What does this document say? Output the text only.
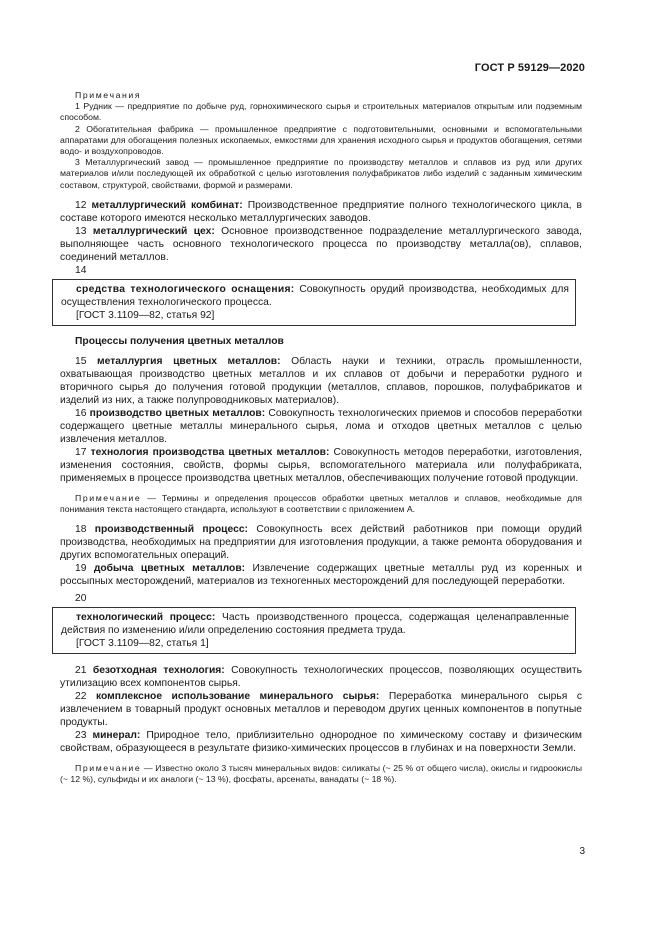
ГОСТ Р 59129—2020

Примечания

1 Рудник — предприятие по добыче руд, горнохимического сырья и строительных материалов открытым или подземным способом.

2 Обогатительная фабрика — промышленное предприятие с подготовительными, основными и вспомогательными аппаратами для обогащения полезных ископаемых, емкостями для хранения исходного сырья и продуктов обогащения, сетями водо- и воздухопроводов.

3 Металлургический завод — промышленное предприятие по производству металлов и сплавов из руд или других материалов и/или последующей их обработкой с целью изготовления полуфабрикатов либо изделий с заданным химическим составом, структурой, свойствами, формой и размерами.

12 металлургический комбинат: Производственное предприятие полного технологического цикла, в составе которого имеются несколько металлургических заводов.

13 металлургический цех: Основное производственное подразделение металлургического завода, выполняющее часть основного технологического процесса по производству металла(ов), сплавов, соединений металлов.

14

средства технологического оснащения: Совокупность орудий производства, необходимых для осуществления технологического процесса.

[ГОСТ 3.1109—82, статья 92]

Процессы получения цветных металлов

15 металлургия цветных металлов: Область науки и техники, отрасль промышленности, охватывающая производство цветных металлов и их сплавов от добычи и переработки рудного и вторичного сырья до получения готовой продукции (металлов, сплавов, порошков, полуфабрикатов и изделий из них, а также полупроводниковых материалов).

16 производство цветных металлов: Совокупность технологических приемов и способов переработки содержащего цветные металлы минерального сырья, лома и отходов цветных металлов с целью извлечения металлов.

17 технология производства цветных металлов: Совокупность методов переработки, изготовления, изменения состояния, свойств, формы сырья, вспомогательного материала или полуфабриката, применяемых в процессе производства цветных металлов, обеспечивающих получение готовой продукции.

Примечание — Термины и определения процессов обработки цветных металлов и сплавов, необходимые для понимания текста настоящего стандарта, используют в соответствии с приложением А.

18 производственный процесс: Совокупность всех действий работников при помощи орудий производства, необходимых на предприятии для изготовления продукции, а также ремонта оборудования и других вспомогательных операций.

19 добыча цветных металлов: Извлечение содержащих цветные металлы руд из коренных и россыпных месторождений, материалов из техногенных месторождений для последующей переработки.

20

технологический процесс: Часть производственного процесса, содержащая целенаправленные действия по изменению и/или определению состояния предмета труда.

[ГОСТ 3.1109—82, статья 1]

21 безотходная технология: Совокупность технологических процессов, позволяющих осуществить утилизацию всех компонентов сырья.

22 комплексное использование минерального сырья: Переработка минерального сырья с извлечением в товарный продукт основных металлов и переводом других ценных компонентов в попутные продукты.

23 минерал: Природное тело, приблизительно однородное по химическому составу и физическим свойствам, образующееся в результате физико-химических процессов в глубинах и на поверхности Земли.

Примечание — Известно около 3 тысяч минеральных видов: силикаты (~ 25 % от общего числа), окислы и гидроокислы (~ 12 %), сульфиды и их аналоги (~ 13 %), фосфаты, арсенаты, ванадаты (~ 18 %).

3
